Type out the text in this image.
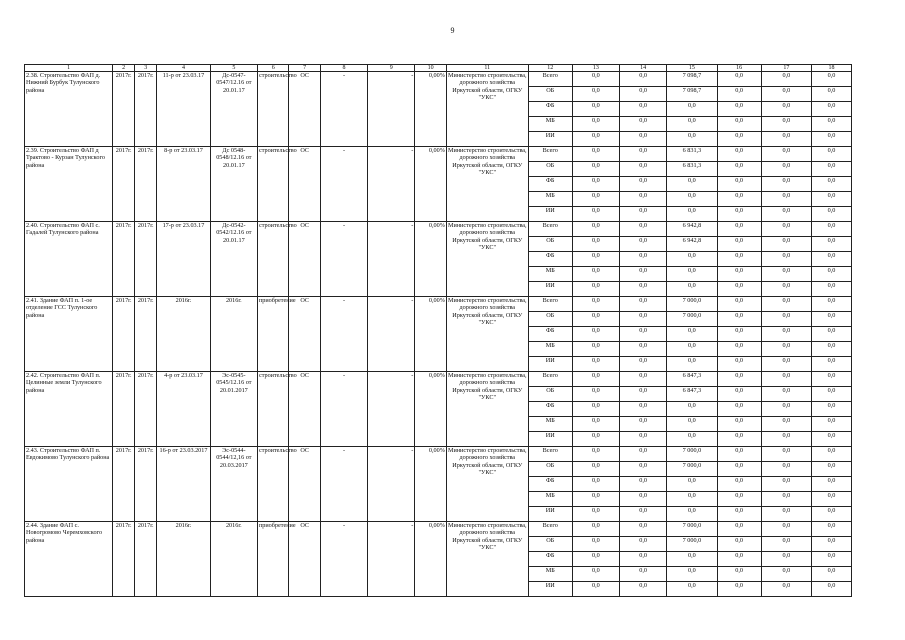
9
1	2	3	4	5	6	7	8	9	10	11	12	13	14	15	16	17	18
2.38. Строительство ФАП д. Нижний Бурбук Тулунского района	2017г.	2017г.	11-р от 23.03.17	Дс-0547-0547/12.16 от 20.01.17	строительство	ОС	-	-	0,00%	Министерство строительства, дорожного хозяйства Иркутской области, ОГКУ "УКС"	Всего	0,0	0,0	7 098,7	0,0	0,0	0,0
											ОБ	0,0	0,0	7 098,7	0,0	0,0	0,0
											ФБ	0,0	0,0	0,0	0,0	0,0	0,0
											МБ	0,0	0,0	0,0	0,0	0,0	0,0
											ИИ	0,0	0,0	0,0	0,0	0,0	0,0
2.39. Строительство ФАП д Трактово - Курзан Тулунского района	2017г.	2017г.	8-р от 23.03.17	Дс 0548-0548/12.16 от 20.01.17	строительство	ОС	-	-	0,00%	Министерство строительства, дорожного хозяйства Иркутской области, ОГКУ "УКС"	Всего	0,0	0,0	6 831,3	0,0	0,0	0,0
											ОБ	0,0	0,0	6 831,3	0,0	0,0	0,0
											ФБ	0,0	0,0	0,0	0,0	0,0	0,0
											МБ	0,0	0,0	0,0	0,0	0,0	0,0
											ИИ	0,0	0,0	0,0	0,0	0,0	0,0
2.40. Строительство ФАП с. Гадалей Тулунского района	2017г.	2017г.	17-р от 23.03.17	Дс-0542-0542/12.16 от 20.01.17	строительство	ОС	-	-	0,00%	Министерство строительства, дорожного хозяйства Иркутской области, ОГКУ "УКС"	Всего	0,0	0,0	6 942,8	0,0	0,0	0,0
											ОБ	0,0	0,0	6 942,8	0,0	0,0	0,0
											ФБ	0,0	0,0	0,0	0,0	0,0	0,0
											МБ	0,0	0,0	0,0	0,0	0,0	0,0
											ИИ	0,0	0,0	0,0	0,0	0,0	0,0
2.41. Здание ФАП п. 1-ое отделение ГСС Тулунского района	2017г.	2017г.	2016г.	2016г.	приобретение	ОС	-	-	0,00%	Министерство строительства, дорожного хозяйства Иркутской области, ОГКУ "УКС"	Всего	0,0	0,0	7 000,0	0,0	0,0	0,0
											ОБ	0,0	0,0	7 000,0	0,0	0,0	0,0
											ФБ	0,0	0,0	0,0	0,0	0,0	0,0
											МБ	0,0	0,0	0,0	0,0	0,0	0,0
											ИИ	0,0	0,0	0,0	0,0	0,0	0,0
2.42. Строительство ФАП п. Целинные земли Тулунского района	2017г.	2017г.	4-р от 23.03.17	Эс-0545-0545/12.16 от 20.01.2017	строительство	ОС	-	-	0,00%	Министерство строительства, дорожного хозяйства Иркутской области, ОГКУ "УКС"	Всего	0,0	0,0	6 847,3	0,0	0,0	0,0
											ОБ	0,0	0,0	6 847,3	0,0	0,0	0,0
											ФБ	0,0	0,0	0,0	0,0	0,0	0,0
											МБ	0,0	0,0	0,0	0,0	0,0	0,0
											ИИ	0,0	0,0	0,0	0,0	0,0	0,0
2.43. Строительство ФАП п. Евдокимово Тулунского района	2017г.	2017г.	16-р от 23.03.2017	Эс-0544-0544/12,16 от 20.03.2017	строительство	ОС	-	-	0,00%	Министерство строительства, дорожного хозяйства Иркутской области, ОГКУ "УКС"	Всего	0,0	0,0	7 000,0	0,0	0,0	0,0
											ОБ	0,0	0,0	7 000,0	0,0	0,0	0,0
											ФБ	0,0	0,0	0,0	0,0	0,0	0,0
											МБ	0,0	0,0	0,0	0,0	0,0	0,0
											ИИ	0,0	0,0	0,0	0,0	0,0	0,0
2.44. Здание ФАП с. Новогромово Черемховского района	2017г.	2017г.	2016г.	2016г.	приобретение	ОС	-	-	0,00%	Министерство строительства, дорожного хозяйства Иркутской области, ОГКУ "УКС"	Всего	0,0	0,0	7 000,0	0,0	0,0	0,0
											ОБ	0,0	0,0	7 000,0	0,0	0,0	0,0
											ФБ	0,0	0,0	0,0	0,0	0,0	0,0
											МБ	0,0	0,0	0,0	0,0	0,0	0,0
											ИИ	0,0	0,0	0,0	0,0	0,0	0,0
